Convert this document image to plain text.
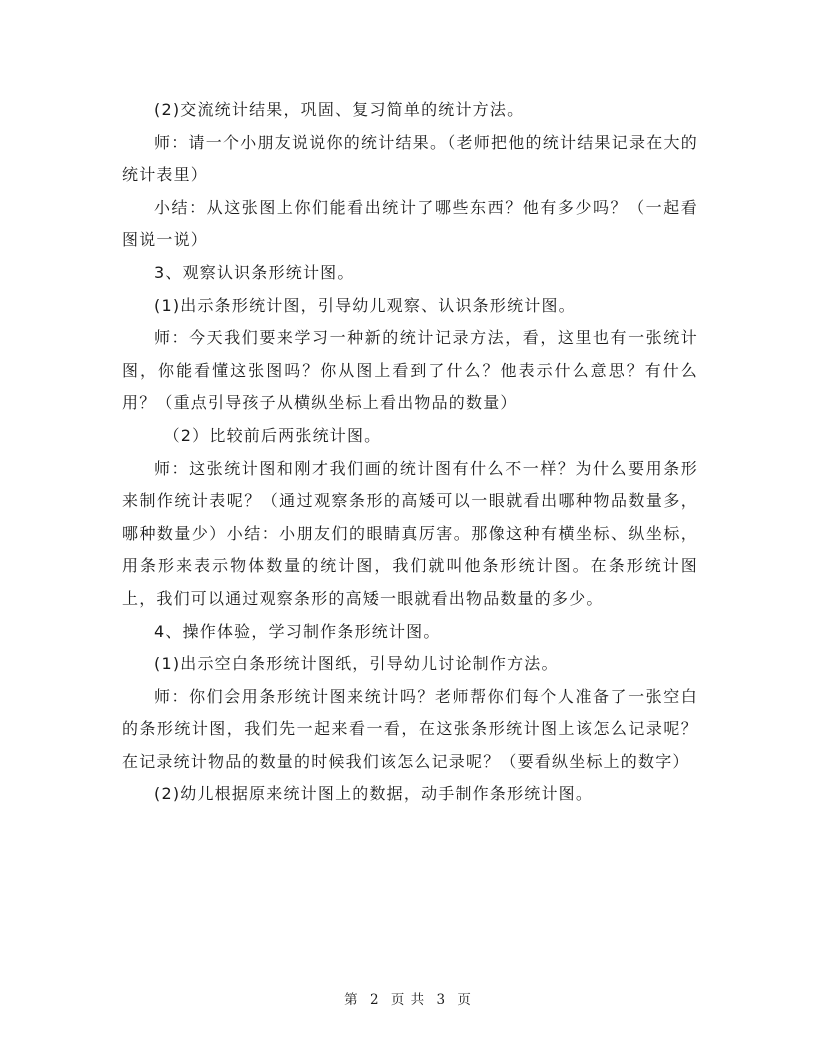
(2)交流统计结果，巩固、复习简单的统计方法。

师：请一个小朋友说说你的统计结果。（老师把他的统计结果记录在大的统计表里）

小结：从这张图上你们能看出统计了哪些东西？他有多少吗？（一起看图说一说）

3、观察认识条形统计图。

(1)出示条形统计图，引导幼儿观察、认识条形统计图。

师：今天我们要来学习一种新的统计记录方法，看，这里也有一张统计图，你能看懂这张图吗？你从图上看到了什么？他表示什么意思？有什么用？（重点引导孩子从横纵坐标上看出物品的数量）

（2）比较前后两张统计图。

师：这张统计图和刚才我们画的统计图有什么不一样？为什么要用条形来制作统计表呢？（通过观察条形的高矮可以一眼就看出哪种物品数量多，哪种数量少）小结：小朋友们的眼睛真厉害。那像这种有横坐标、纵坐标，用条形来表示物体数量的统计图，我们就叫他条形统计图。在条形统计图上，我们可以通过观察条形的高矮一眼就看出物品数量的多少。

4、操作体验，学习制作条形统计图。

(1)出示空白条形统计图纸，引导幼儿讨论制作方法。

师：你们会用条形统计图来统计吗？老师帮你们每个人准备了一张空白的条形统计图，我们先一起来看一看，在这张条形统计图上该怎么记录呢？在记录统计物品的数量的时候我们该怎么记录呢？（要看纵坐标上的数字）

(2)幼儿根据原来统计图上的数据，动手制作条形统计图。

第 2 页 共 3 页
